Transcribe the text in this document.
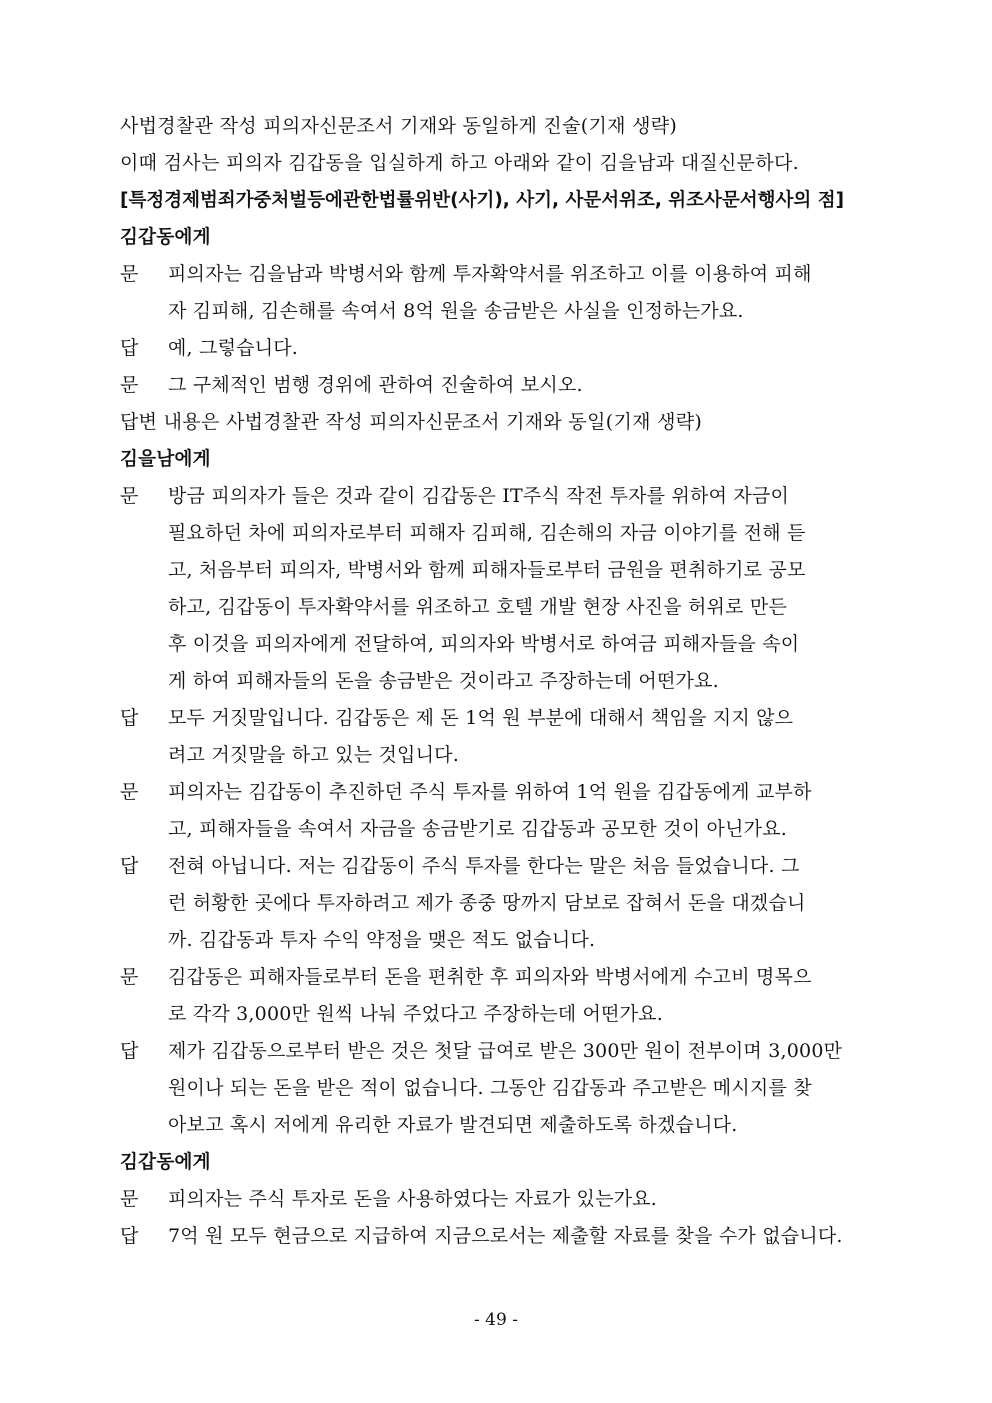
사법경찰관 작성 피의자신문조서 기재와 동일하게 진술(기재 생략)
이때 검사는 피의자 김갑동을 입실하게 하고 아래와 같이 김을남과 대질신문하다.
[특정경제범죄가중처벌등에관한법률위반(사기), 사기, 사문서위조, 위조사문서행사의 점]
김갑동에게
문	피의자는 김을남과 박병서와 함께 투자확약서를 위조하고 이를 이용하여 피해
자 김피해, 김손해를 속여서 8억 원을 송금받은 사실을 인정하는가요.
답	예, 그렇습니다.
문	그 구체적인 범행 경위에 관하여 진술하여 보시오.
답변 내용은 사법경찰관 작성 피의자신문조서 기재와 동일(기재 생략)
김을남에게
문	방금 피의자가 들은 것과 같이 김갑동은 IT주식 작전 투자를 위하여 자금이
필요하던 차에 피의자로부터 피해자 김피해, 김손해의 자금 이야기를 전해 듣
고, 처음부터 피의자, 박병서와 함께 피해자들로부터 금원을 편취하기로 공모
하고, 김갑동이 투자확약서를 위조하고 호텔 개발 현장 사진을 허위로 만든
후 이것을 피의자에게 전달하여, 피의자와 박병서로 하여금 피해자들을 속이
게 하여 피해자들의 돈을 송금받은 것이라고 주장하는데 어떤가요.
답	모두 거짓말입니다. 김갑동은 제 돈 1억 원 부분에 대해서 책임을 지지 않으
려고 거짓말을 하고 있는 것입니다.
문	피의자는 김갑동이 추진하던 주식 투자를 위하여 1억 원을 김갑동에게 교부하
고, 피해자들을 속여서 자금을 송금받기로 김갑동과 공모한 것이 아닌가요.
답	전혀 아닙니다. 저는 김갑동이 주식 투자를 한다는 말은 처음 들었습니다. 그
런 허황한 곳에다 투자하려고 제가 종중 땅까지 담보로 잡혀서 돈을 대겠습니
까. 김갑동과 투자 수익 약정을 맺은 적도 없습니다.
문	김갑동은 피해자들로부터 돈을 편취한 후 피의자와 박병서에게 수고비 명목으
로 각각 3,000만 원씩 나눠 주었다고 주장하는데 어떤가요.
답	제가 김갑동으로부터 받은 것은 첫달 급여로 받은 300만 원이 전부이며 3,000만
원이나 되는 돈을 받은 적이 없습니다. 그동안 김갑동과 주고받은 메시지를 찾
아보고 혹시 저에게 유리한 자료가 발견되면 제출하도록 하겠습니다.
김갑동에게
문	피의자는 주식 투자로 돈을 사용하였다는 자료가 있는가요.
답	7억 원 모두 현금으로 지급하여 지금으로서는 제출할 자료를 찾을 수가 없습니다.
- 49 -
